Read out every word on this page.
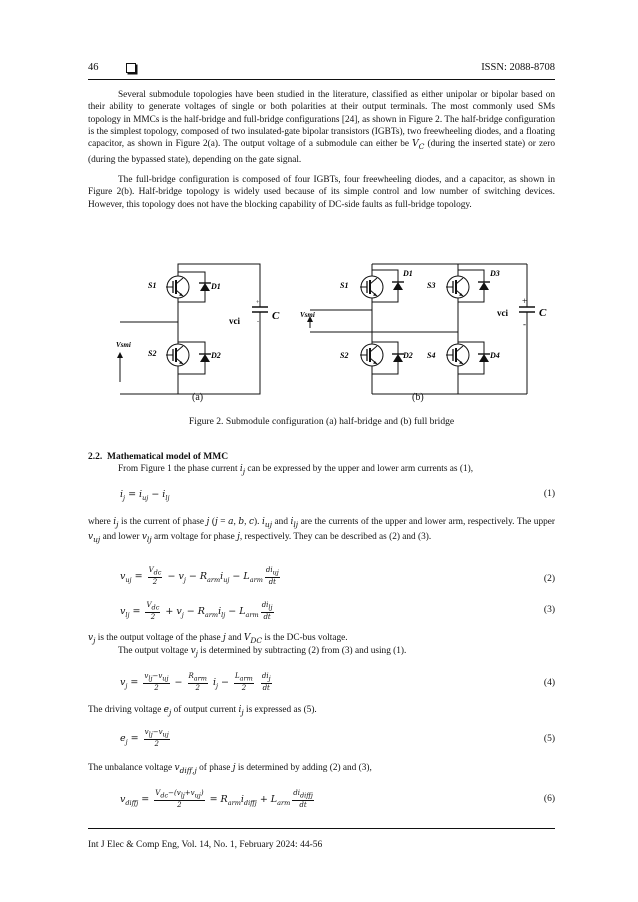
46	ISSN: 2088-8708

Several submodule topologies have been studied in the literature, classified as either unipolar or bipolar based on their ability to generate voltages of single or both polarities at their output terminals. The most commonly used SMs topology in MMCs is the half-bridge and full-bridge configurations [24], as shown in Figure 2. The half-bridge configuration is the simplest topology, composed of two insulated-gate bipolar transistors (IGBTs), two freewheeling diodes, and a floating capacitor, as shown in Figure 2(a). The output voltage of a submodule can either be $V_C$ (during the inserted state) or zero (during the bypassed state), depending on the gate signal.

The full-bridge configuration is composed of four IGBTs, four freewheeling diodes, and a capacitor, as shown in Figure 2(b). Half-bridge topology is widely used because of its simple control and low number of switching devices. However, this topology does not have the blocking capability of DC-side faults as full-bridge topology.

S1
S2
D1
D2
vci	C
+
-
Vsmi
S1
S2
S3
S4
D1
D2
D3
D4
vci	C
+
-
Vsmi
(a)	(b)
Figure 2. Submodule configuration (a) half-bridge and (b) full bridge
2.2. Mathematical model of MMC

From Figure 1 the phase current $i_j$ can be expressed by the upper and lower arm currents as (1),

$i_j = i_{uj} - i_{lj}$	(1)

where $i_j$ is the current of phase j (j = a, b, c). $i_{uj}$ and $i_{lj}$ are the currents of the upper and lower arm, respectively. The upper $v_{uj}$ and lower $v_{lj}$ arm voltage for phase j, respectively. They can be described as (2) and (3).

$v_{uj}$ =
$V_{dc}$
2
− $v_j - R_{arm}i_{uj} - L_{arm}$
$di_{uj}$
dt	(2)
$v_{lj}$ =
$V_{dc}$
2
+ $v_j - R_{arm}i_{lj} - L_{arm}$
$di_{lj}$
dt
(3)

$v_j$ is the output voltage of the phase j and $V_{DC}$ is the DC-bus voltage.

The output voltage $v_j$ is determined by subtracting (2) from (3) and using (1).

$v_j$ =
$v_{lj}-v_{uj}$
2
−
$R_{arm}$
2
$i_j$ −
$L_{arm}$
2

$di_j$
dt
(4)

The driving voltage $e_j$ of output current $i_j$ is expressed as (5).

$e_j$ =
$v_{lj}-v_{uj}$
2
(5)

The unbalance voltage $v_{diff,j}$ of phase j is determined by adding (2) and (3),

$v_{diffj}$ =
$V_{dc}-(v_{lj}+v_{uj})$
2
= $R_{arm}i_{diffj} + L_{arm}$
$di_{diffj}$
dt
(6)
Int J Elec & Comp Eng, Vol. 14, No. 1, February 2024: 44-56
